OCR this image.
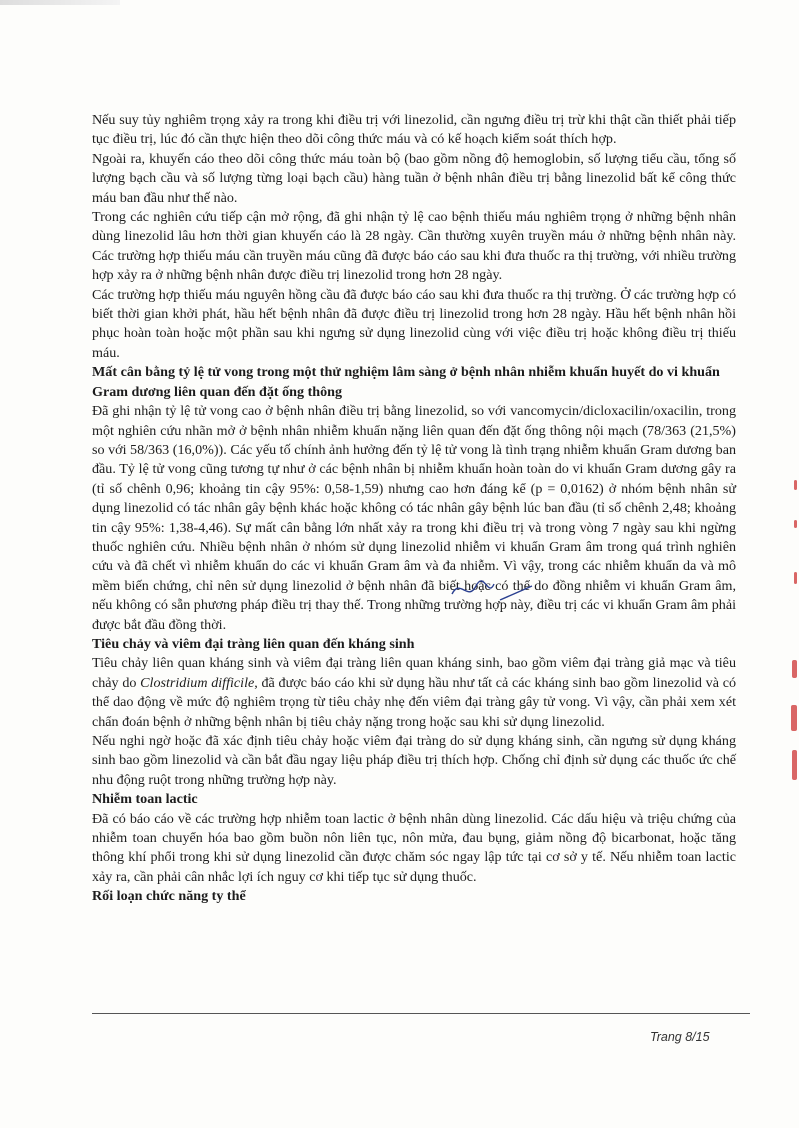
Nếu suy tủy nghiêm trọng xảy ra trong khi điều trị với linezolid, cần ngưng điều trị trừ khi thật cần thiết phải tiếp tục điều trị, lúc đó cần thực hiện theo dõi công thức máu và có kế hoạch kiểm soát thích hợp.

Ngoài ra, khuyến cáo theo dõi công thức máu toàn bộ (bao gồm nồng độ hemoglobin, số lượng tiểu cầu, tổng số lượng bạch cầu và số lượng từng loại bạch cầu) hàng tuần ở bệnh nhân điều trị bằng linezolid bất kể công thức máu ban đầu như thế nào.

Trong các nghiên cứu tiếp cận mở rộng, đã ghi nhận tỷ lệ cao bệnh thiếu máu nghiêm trọng ở những bệnh nhân dùng linezolid lâu hơn thời gian khuyến cáo là 28 ngày. Cần thường xuyên truyền máu ở những bệnh nhân này. Các trường hợp thiếu máu cần truyền máu cũng đã được báo cáo sau khi đưa thuốc ra thị trường, với nhiều trường hợp xảy ra ở những bệnh nhân được điều trị linezolid trong hơn 28 ngày.

Các trường hợp thiếu máu nguyên hồng cầu đã được báo cáo sau khi đưa thuốc ra thị trường. Ở các trường hợp có biết thời gian khởi phát, hầu hết bệnh nhân đã được điều trị linezolid trong hơn 28 ngày. Hầu hết bệnh nhân hồi phục hoàn toàn hoặc một phần sau khi ngưng sử dụng linezolid cùng với việc điều trị hoặc không điều trị thiếu máu.

Mất cân bằng tỷ lệ tử vong trong một thử nghiệm lâm sàng ở bệnh nhân nhiễm khuẩn huyết do vi khuẩn Gram dương liên quan đến đặt ống thông

Đã ghi nhận tỷ lệ tử vong cao ở bệnh nhân điều trị bằng linezolid, so với vancomycin/dicloxacilin/oxacilin, trong một nghiên cứu nhãn mở ở bệnh nhân nhiễm khuẩn nặng liên quan đến đặt ống thông nội mạch (78/363 (21,5%) so với 58/363 (16,0%)). Các yếu tố chính ảnh hưởng đến tỷ lệ tử vong là tình trạng nhiễm khuẩn Gram dương ban đầu. Tỷ lệ tử vong cũng tương tự như ở các bệnh nhân bị nhiễm khuẩn hoàn toàn do vi khuẩn Gram dương gây ra (tỉ số chênh 0,96; khoảng tin cậy 95%: 0,58-1,59) nhưng cao hơn đáng kể (p = 0,0162) ở nhóm bệnh nhân sử dụng linezolid có tác nhân gây bệnh khác hoặc không có tác nhân gây bệnh lúc ban đầu (tỉ số chênh 2,48; khoảng tin cậy 95%: 1,38-4,46). Sự mất cân bằng lớn nhất xảy ra trong khi điều trị và trong vòng 7 ngày sau khi ngừng thuốc nghiên cứu. Nhiều bệnh nhân ở nhóm sử dụng linezolid nhiễm vi khuẩn Gram âm trong quá trình nghiên cứu và đã chết vì nhiễm khuẩn do các vi khuẩn Gram âm và đa nhiễm. Vì vậy, trong các nhiễm khuẩn da và mô mềm biến chứng, chỉ nên sử dụng linezolid ở bệnh nhân đã biết hoặc có thể do đồng nhiễm vi khuẩn Gram âm, nếu không có sẵn phương pháp điều trị thay thế. Trong những trường hợp này, điều trị các vi khuẩn Gram âm phải được bắt đầu đồng thời.

Tiêu chảy và viêm đại tràng liên quan đến kháng sinh

Tiêu chảy liên quan kháng sinh và viêm đại tràng liên quan kháng sinh, bao gồm viêm đại tràng giả mạc và tiêu chảy do Clostridium difficile, đã được báo cáo khi sử dụng hầu như tất cả các kháng sinh bao gồm linezolid và có thể dao động về mức độ nghiêm trọng từ tiêu chảy nhẹ đến viêm đại tràng gây tử vong. Vì vậy, cần phải xem xét chẩn đoán bệnh ở những bệnh nhân bị tiêu chảy nặng trong hoặc sau khi sử dụng linezolid.

Nếu nghi ngờ hoặc đã xác định tiêu chảy hoặc viêm đại tràng do sử dụng kháng sinh, cần ngưng sử dụng kháng sinh bao gồm linezolid và cần bắt đầu ngay liệu pháp điều trị thích hợp. Chống chỉ định sử dụng các thuốc ức chế nhu động ruột trong những trường hợp này.

Nhiễm toan lactic

Đã có báo cáo về các trường hợp nhiễm toan lactic ở bệnh nhân dùng linezolid. Các dấu hiệu và triệu chứng của nhiễm toan chuyển hóa bao gồm buồn nôn liên tục, nôn mửa, đau bụng, giảm nồng độ bicarbonat, hoặc tăng thông khí phổi trong khi sử dụng linezolid cần được chăm sóc ngay lập tức tại cơ sở y tế. Nếu nhiễm toan lactic xảy ra, cần phải cân nhắc lợi ích nguy cơ khi tiếp tục sử dụng thuốc.

Rối loạn chức năng ty thể
Trang 8/15
